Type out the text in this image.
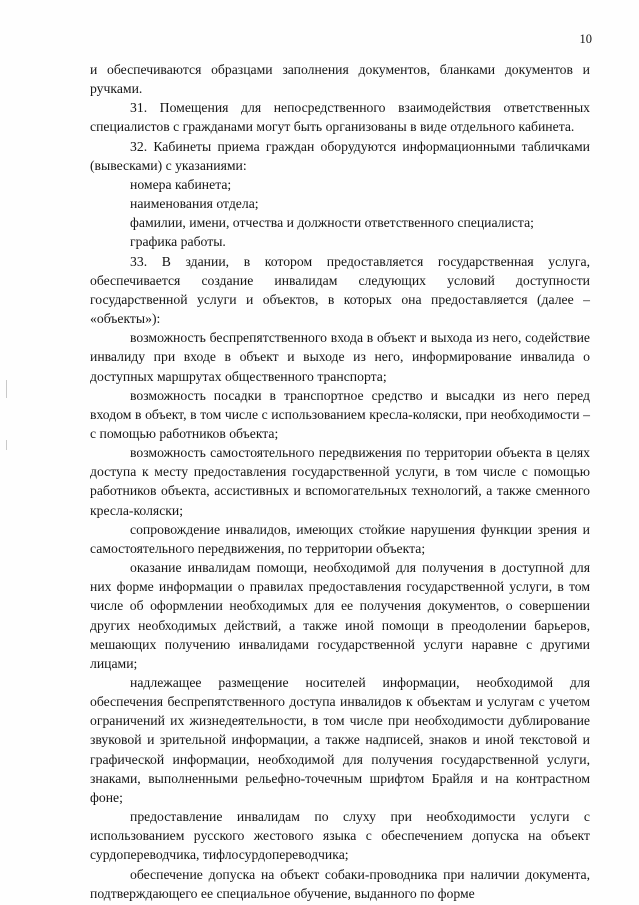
10

и обеспечиваются образцами заполнения документов, бланками документов и ручками.

31. Помещения для непосредственного взаимодействия ответственных специалистов с гражданами могут быть организованы в виде отдельного кабинета.

32. Кабинеты приема граждан оборудуются информационными табличками (вывесками) с указаниями:

номера кабинета;

наименования отдела;

фамилии, имени, отчества и должности ответственного специалиста;

графика работы.

33. В здании, в котором предоставляется государственная услуга, обеспечивается создание инвалидам следующих условий доступности государственной услуги и объектов, в которых она предоставляется (далее – «объекты»):

возможность беспрепятственного входа в объект и выхода из него, содействие инвалиду при входе в объект и выходе из него, информирование инвалида о доступных маршрутах общественного транспорта;

возможность посадки в транспортное средство и высадки из него перед входом в объект, в том числе с использованием кресла-коляски, при необходимости – с помощью работников объекта;

возможность самостоятельного передвижения по территории объекта в целях доступа к месту предоставления государственной услуги, в том числе с помощью работников объекта, ассистивных и вспомогательных технологий, а также сменного кресла-коляски;

сопровождение инвалидов, имеющих стойкие нарушения функции зрения и самостоятельного передвижения, по территории объекта;

оказание инвалидам помощи, необходимой для получения в доступной для них форме информации о правилах предоставления государственной услуги, в том числе об оформлении необходимых для ее получения документов, о совершении других необходимых действий, а также иной помощи в преодолении барьеров, мешающих получению инвалидами государственной услуги наравне с другими лицами;

надлежащее размещение носителей информации, необходимой для обеспечения беспрепятственного доступа инвалидов к объектам и услугам с учетом ограничений их жизнедеятельности, в том числе при необходимости дублирование звуковой и зрительной информации, а также надписей, знаков и иной текстовой и графической информации, необходимой для получения государственной услуги, знаками, выполненными рельефно-точечным шрифтом Брайля и на контрастном фоне;

предоставление инвалидам по слуху при необходимости услуги с использованием русского жестового языка с обеспечением допуска на объект сурдопереводчика, тифлосурдопереводчика;

обеспечение допуска на объект собаки-проводника при наличии документа, подтверждающего ее специальное обучение, выданного по форме
